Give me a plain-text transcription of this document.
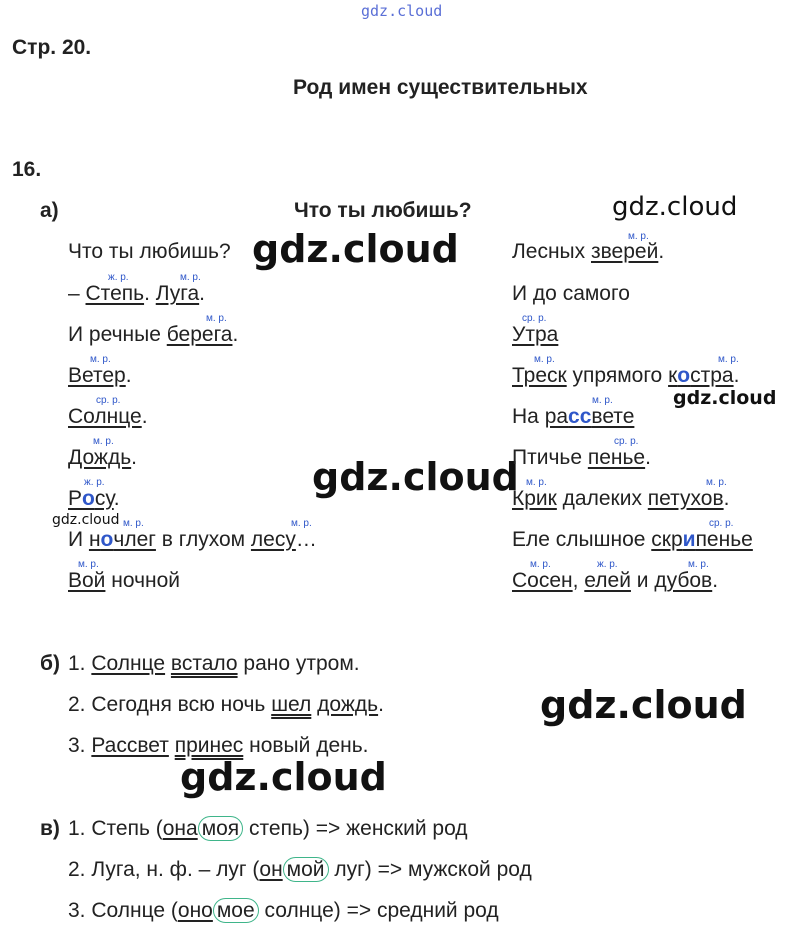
gdz.cloud
gdz.cloud
gdz.cloud
gdz.cloud
gdz.cloud
gdz.cloud
gdz.cloud
gdz.cloud
Стр. 20.
Род имен существительных
16.
а)	Что ты любишь?
ж. р.	м. р.
м. р.
м. р.
ср. р.
м. р.
ж. р.
м. р.	м. р.
м. р.
м. р.
ср. р.
м. р.	м. р.
м. р.
ср. р.
м. р.	м. р.
ср. р.
м. р.	ж. р.	м. р.
Что ты любишь?
– Степь. Луга.
И речные берега.
Ветер.
Солнце.
Дождь.
Росу.
И ночлег в глухом лесу…
Вой ночной
Лесных зверей.
И до самого
Утра
Треск упрямого костра.
На рассвете
Птичье пенье.
Крик далеких петухов.
Еле слышное скрипенье
Сосен, елей и дубов.
б) 1. Солнце встало рано утром.
2. Сегодня всю ночь шел дождь.
3. Рассвет принес новый день.
в) 1. Степь (она моя степь) => женский род
2. Луга, н. ф. – луг (он мой луг) => мужской род
3. Солнце (оно мое солнце) => средний род
